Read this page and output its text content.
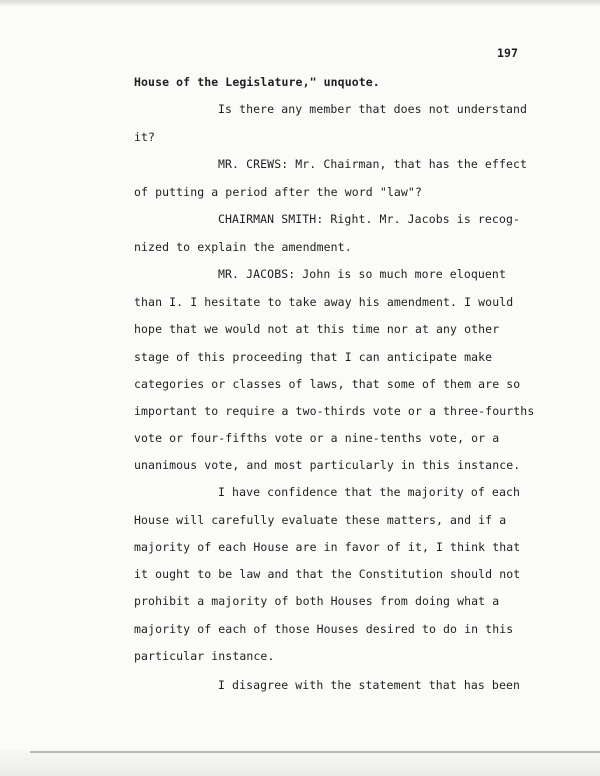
197
House of the Legislature," unquote.
Is there any member that does not understand
it?
MR. CREWS: Mr. Chairman, that has the effect
of putting a period after the word "law"?
CHAIRMAN SMITH: Right. Mr. Jacobs is recog-
nized to explain the amendment.
MR. JACOBS: John is so much more eloquent
than I. I hesitate to take away his amendment. I would
hope that we would not at this time nor at any other
stage of this proceeding that I can anticipate make
categories or classes of laws, that some of them are so
important to require a two-thirds vote or a three-fourths
vote or four-fifths vote or a nine-tenths vote, or a
unanimous vote, and most particularly in this instance.
I have confidence that the majority of each
House will carefully evaluate these matters, and if a
majority of each House are in favor of it, I think that
it ought to be law and that the Constitution should not
prohibit a majority of both Houses from doing what a
majority of each of those Houses desired to do in this
particular instance.
I disagree with the statement that has been
